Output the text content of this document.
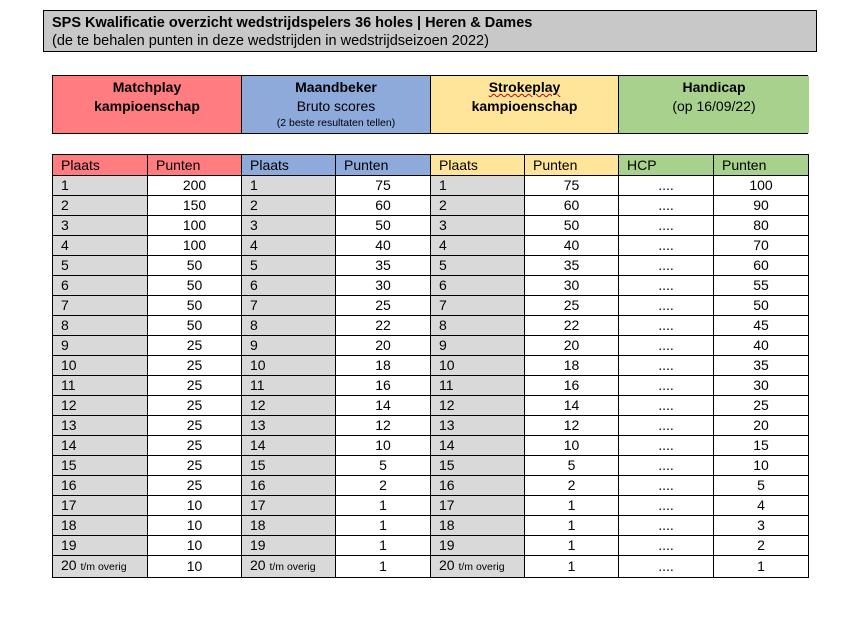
SPS Kwalificatie overzicht wedstrijdspelers 36 holes | Heren & Dames
(de te behalen punten in deze wedstrijden in wedstrijdseizoen 2022)
Matchplay
kampioenschap
Maandbeker
Bruto scores
(2 beste resultaten tellen)
Strokeplay
kampioenschap
Handicap
(op 16/09/22)
Plaats	Punten	Plaats	Punten	Plaats	Punten	HCP	Punten
1	200	1	75	1	75	....	100
2	150	2	60	2	60	....	90
3	100	3	50	3	50	....	80
4	100	4	40	4	40	....	70
5	50	5	35	5	35	....	60
6	50	6	30	6	30	....	55
7	50	7	25	7	25	....	50
8	50	8	22	8	22	....	45
9	25	9	20	9	20	....	40
10	25	10	18	10	18	....	35
11	25	11	16	11	16	....	30
12	25	12	14	12	14	....	25
13	25	13	12	13	12	....	20
14	25	14	10	14	10	....	15
15	25	15	5	15	5	....	10
16	25	16	2	16	2	....	5
17	10	17	1	17	1	....	4
18	10	18	1	18	1	....	3
19	10	19	1	19	1	....	2
20 t/m overig	10	20 t/m overig	1	20 t/m overig	1	....	1
